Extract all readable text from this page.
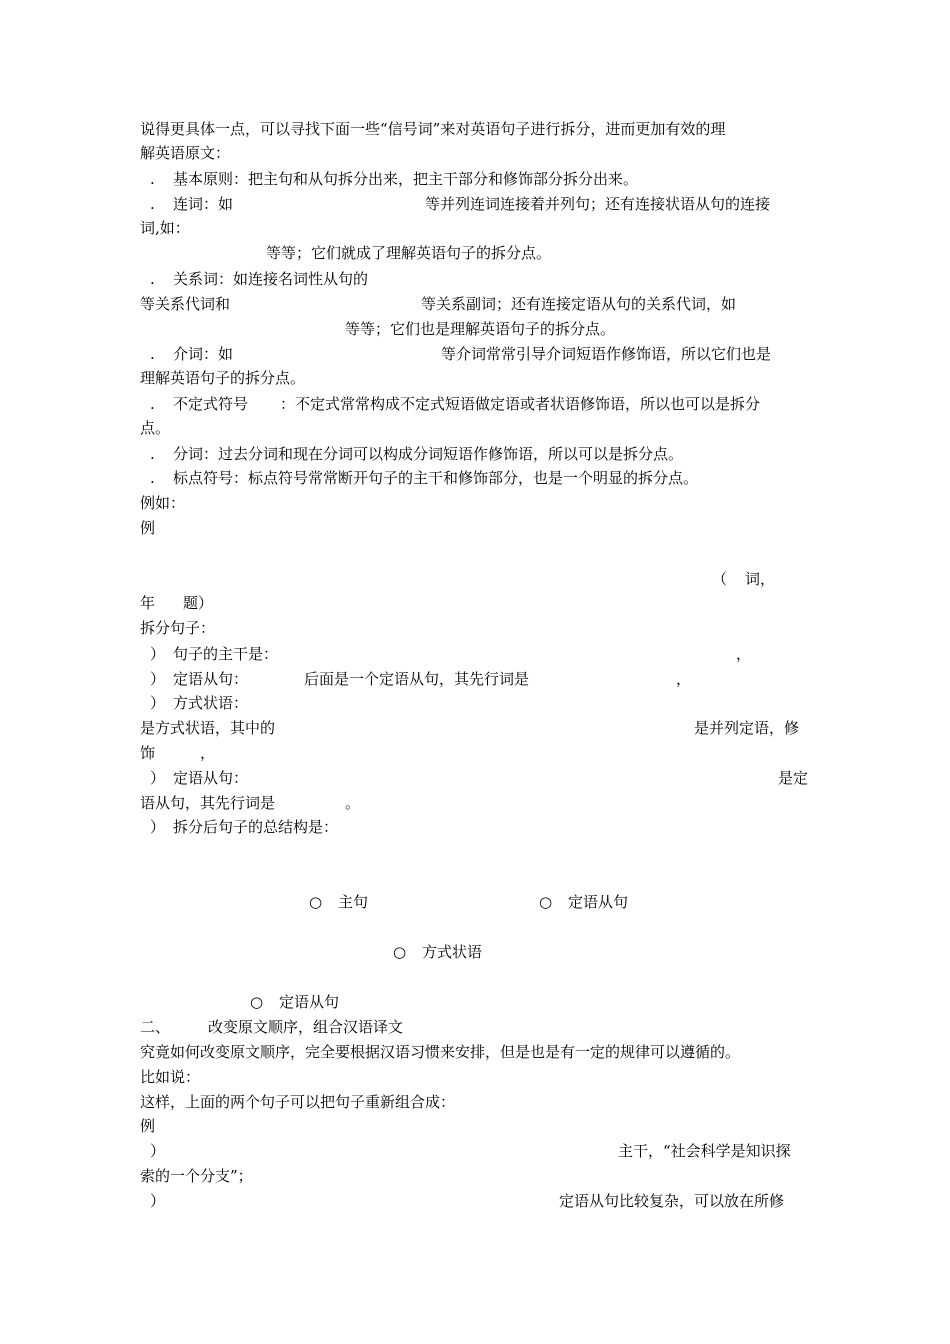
说得更具体一点，可以寻找下面一些“信号词”来对英语句子进行拆分，进而更加有效的理
解英语原文：
. 基本原则：把主句和从句拆分出来，把主干部分和修饰部分拆分出来。
. 连词：如	等并列连词连接着并列句；还有连接状语从句的连接
词,如：
等等；它们就成了理解英语句子的拆分点。
. 关系词：如连接名词性从句的
等关系代词和	等关系副词；还有连接定语从句的关系代词，如
等等；它们也是理解英语句子的拆分点。
. 介词：如	等介词常常引导介词短语作修饰语，所以它们也是
理解英语句子的拆分点。
. 不定式符号 ：不定式常常构成不定式短语做定语或者状语修饰语，所以也可以是拆分
点。
. 分词：过去分词和现在分词可以构成分词短语作修饰语，所以可以是拆分点。
. 标点符号：标点符号常常断开句子的主干和修饰部分，也是一个明显的拆分点。
例如：
例
（ 词，
年 题）
拆分句子：
） 句子的主干是：	，
） 定语从句：	后面是一个定语从句，其先行词是	，
） 方式状语：
是方式状语，其中的	是并列定语，修
饰	，
） 定语从句：	是定
语从句，其先行词是	。
） 拆分后句子的总结构是：
○ 主句	○ 定语从句
○ 方式状语
○ 定语从句
二、	改变原文顺序，组合汉语译文
究竟如何改变原文顺序，完全要根据汉语习惯来安排，但是也是有一定的规律可以遵循的。
比如说：
这样，上面的两个句子可以把句子重新组合成：
例
）	主干，“社会科学是知识探
索的一个分支”；
）	定语从句比较复杂，可以放在所修
